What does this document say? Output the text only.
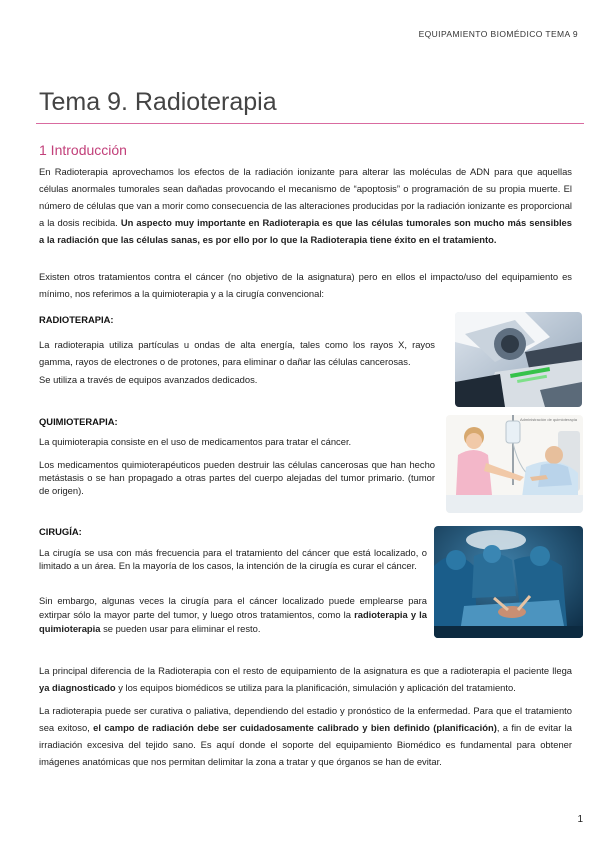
EQUIPAMIENTO BIOMÉDICO TEMA 9
Tema 9. Radioterapia
1 Introducción

En Radioterapia aprovechamos los efectos de la radiación ionizante para alterar las moléculas de ADN para que aquellas células anormales tumorales sean dañadas provocando el mecanismo de “apoptosis” o programación de su propia muerte. El número de células que van a morir como consecuencia de las alteraciones producidas por la radiación ionizante es proporcional a la dosis recibida. Un aspecto muy importante en Radioterapia es que las células tumorales son mucho más sensibles a la radiación que las células sanas, es por ello por lo que la Radioterapia tiene éxito en el tratamiento.

Existen otros tratamientos contra el cáncer (no objetivo de la asignatura) pero en ellos el impacto/uso del equipamiento es mínimo, nos referimos a la quimioterapia y a la cirugía convencional:

RADIOTERAPIA:

La radioterapia utiliza partículas u ondas de alta energía, tales como los rayos X, rayos gamma, rayos de electrones o de protones, para eliminar o dañar las células cancerosas.

Se utiliza a través de equipos avanzados dedicados.

QUIMIOTERAPIA:

La quimioterapia consiste en el uso de medicamentos para tratar el cáncer.

Los medicamentos quimioterapéuticos pueden destruir las células cancerosas que han hecho metástasis o se han propagado a otras partes del cuerpo alejadas del tumor primario. (tumor de origen).

Administración de quimioterapia
CIRUGÍA:

La cirugía se usa con más frecuencia para el tratamiento del cáncer que está localizado, o limitado a un área. En la mayoría de los casos, la intención de la cirugía es curar el cáncer.

Sin embargo, algunas veces la cirugía para el cáncer localizado puede emplearse para extirpar sólo la mayor parte del tumor, y luego otros tratamientos, como la radioterapia y la quimioterapia se pueden usar para eliminar el resto.

La principal diferencia de la Radioterapia con el resto de equipamiento de la asignatura es que a radioterapia el paciente llega ya diagnosticado y los equipos biomédicos se utiliza para la planificación, simulación y aplicación del tratamiento.

La radioterapia puede ser curativa o paliativa, dependiendo del estadio y pronóstico de la enfermedad. Para que el tratamiento sea exitoso, el campo de radiación debe ser cuidadosamente calibrado y bien definido (planificación), a fin de evitar la irradiación excesiva del tejido sano. Es aquí donde el soporte del equipamiento Biomédico es fundamental para obtener imágenes anatómicas que nos permitan delimitar la zona a tratar y que órganos se han de evitar.

1
